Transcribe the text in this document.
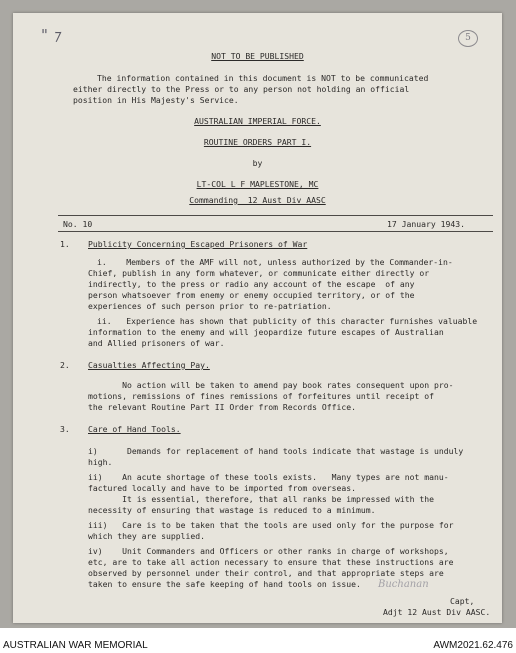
" ⁊	5
NOT TO BE PUBLISHED
The information contained in this document is NOT to be communicated
either directly to the Press or to any person not holding an official
position in His Majesty's Service.
AUSTRALIAN IMPERIAL FORCE.
ROUTINE ORDERS PART I.
by
LT-COL L F MAPLESTONE, MC
Commanding  12 Aust Div AASC
No. 10	17 January 1943.
1. Publicity Concerning Escaped Prisoners of War
i.    Members of the AMF will not, unless authorized by the Commander-in-
Chief, publish in any form whatever, or communicate either directly or
indirectly, to the press or radio any account of the escape  of any
person whatsoever from enemy or enemy occupied territory, or of the
experiences of such person prior to re-patriation.
ii.   Experience has shown that publicity of this character furnishes valuable
information to the enemy and will jeopardize future escapes of Australian
and Allied prisoners of war.
2. Casualties Affecting Pay.
No action will be taken to amend pay book rates consequent upon pro-
motions, remissions of fines remissions of forfeitures until receipt of
the relevant Routine Part II Order from Records Office.
3. Care of Hand Tools.
i)      Demands for replacement of hand tools indicate that wastage is unduly
high.
ii)    An acute shortage of these tools exists.   Many types are not manu-
factured locally and have to be imported from overseas.
It is essential, therefore, that all ranks be impressed with the
necessity of ensuring that wastage is reduced to a minimum.
iii)   Care is to be taken that the tools are used only for the purpose for
which they are supplied.
iv)    Unit Commanders and Officers or other ranks in charge of workshops,
etc, are to take all action necessary to ensure that these instructions are
observed by personnel under their control, and that appropriate steps are
taken to ensure the safe keeping of hand tools on issue. Buchanan
Capt,
Adjt 12 Aust Div AASC.
AUSTRALIAN WAR MEMORIAL	AWM2021.62.476
